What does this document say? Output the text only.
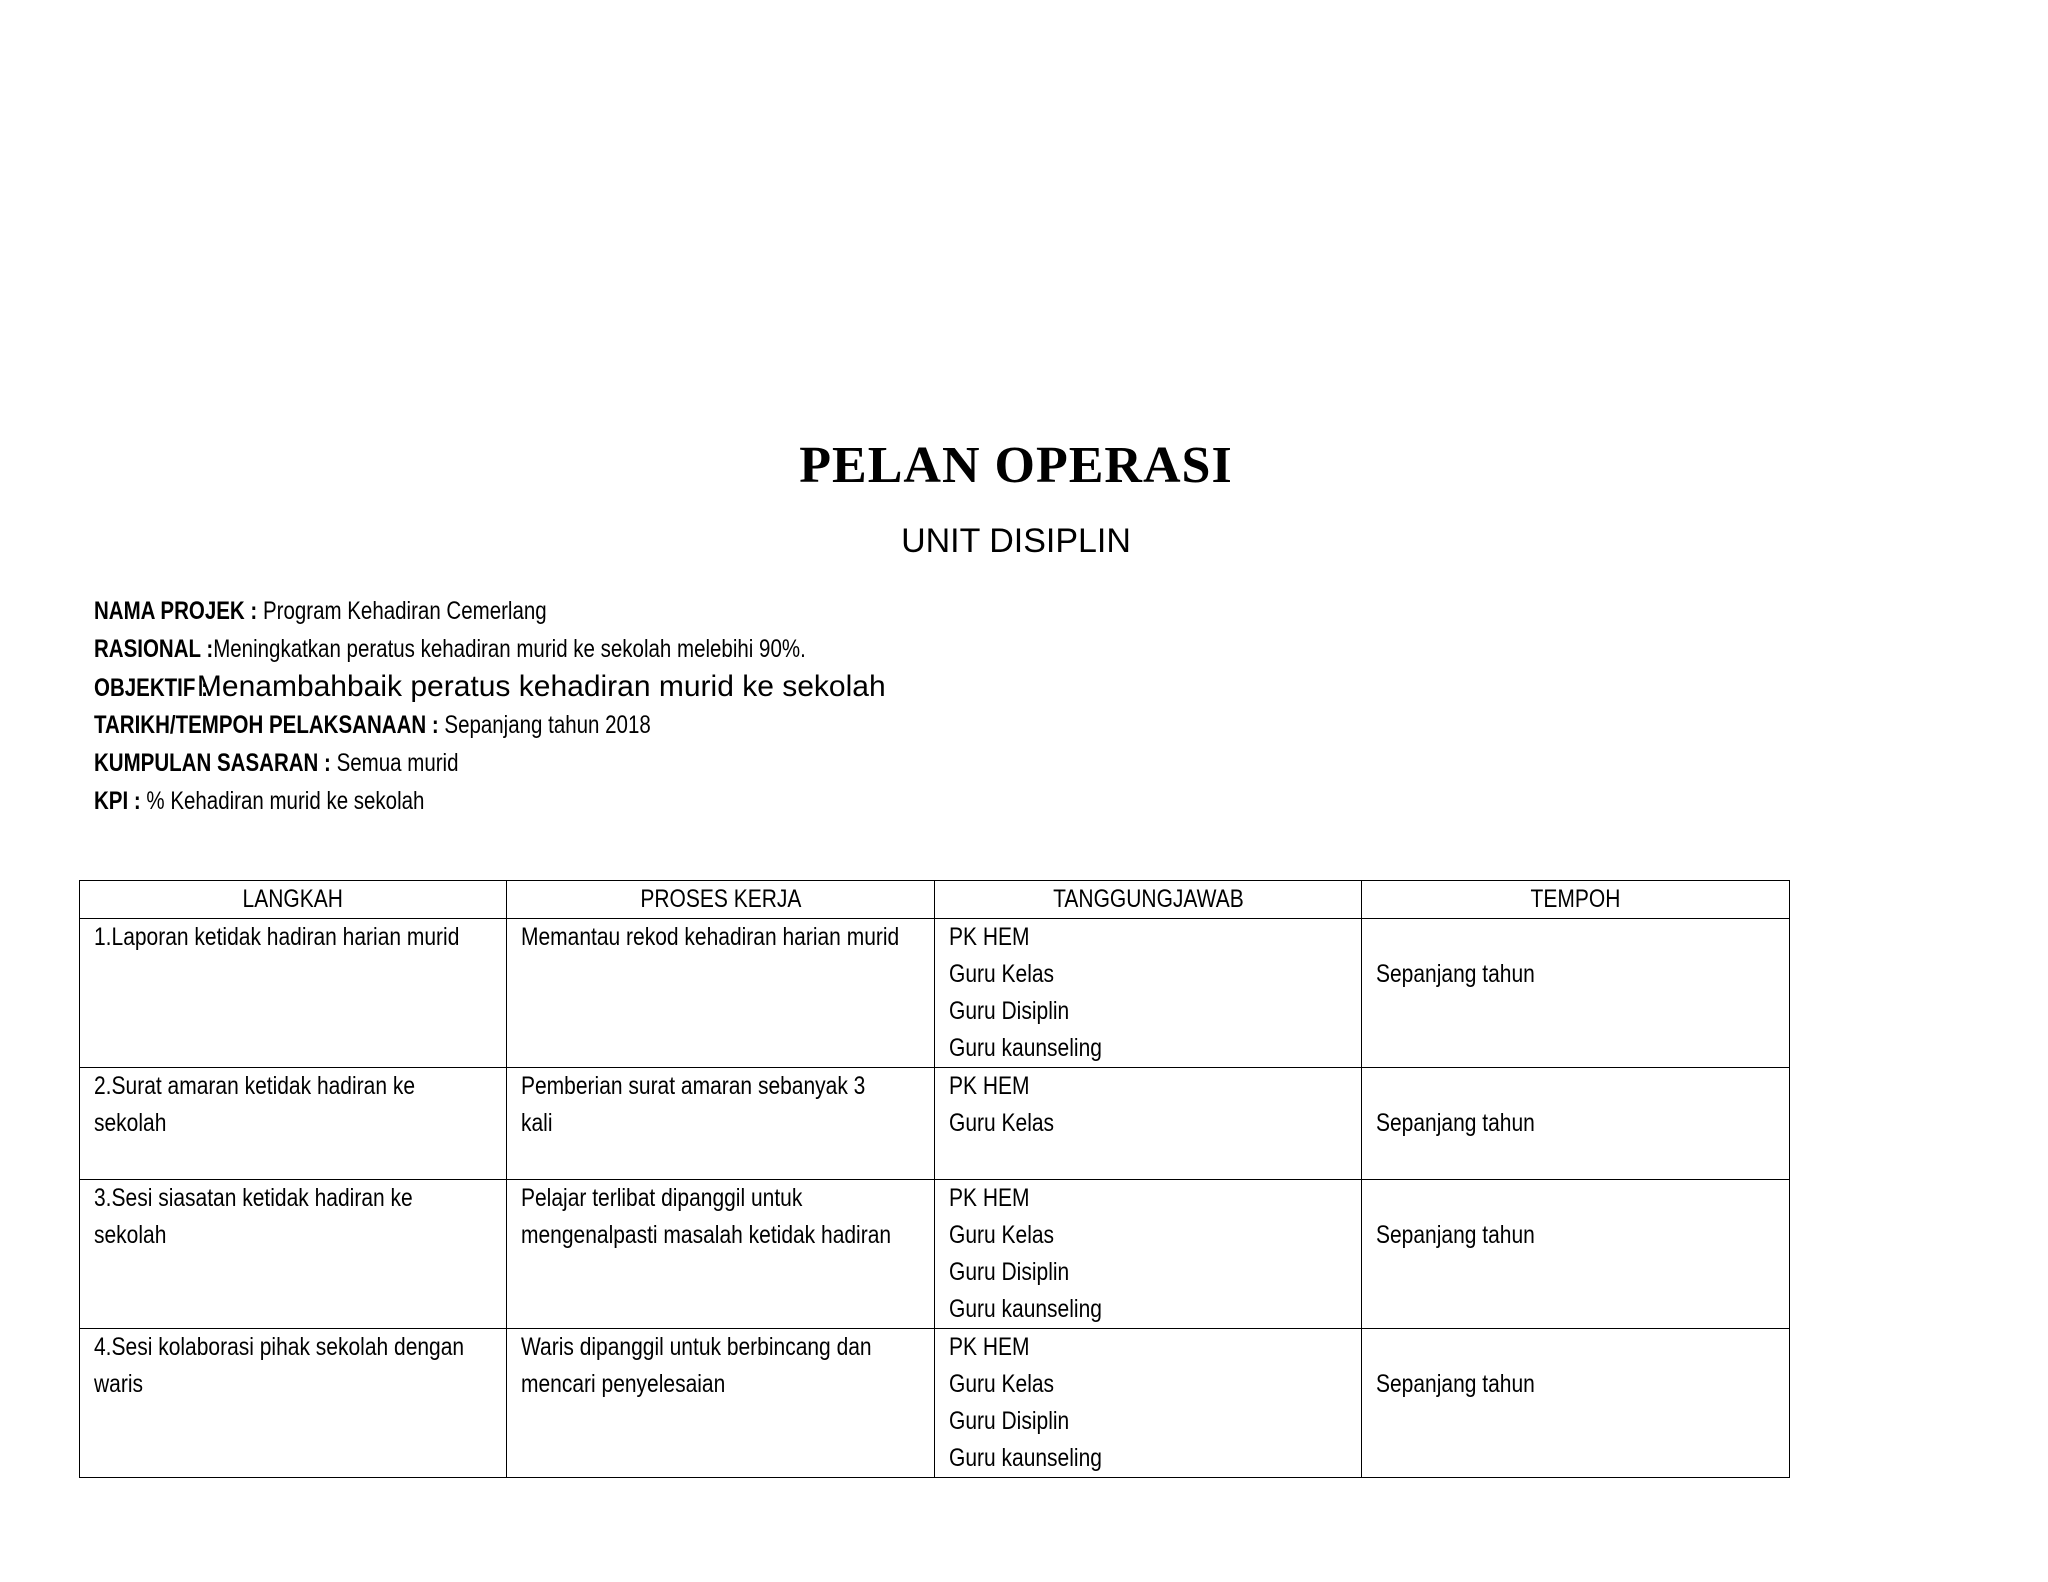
PELAN OPERASI
UNIT DISIPLIN
NAMA PROJEK : Program Kehadiran Cemerlang
RASIONAL :Meningkatkan peratus kehadiran murid ke sekolah melebihi 90%.
OBJEKTIF :Menambahbaik peratus kehadiran murid ke sekolah
TARIKH/TEMPOH PELAKSANAAN : Sepanjang tahun 2018
KUMPULAN SASARAN : Semua murid
KPI : % Kehadiran murid ke sekolah
LANGKAH	PROSES KERJA	TANGGUNGJAWAB	TEMPOH

1.Laporan ketidak hadiran harian murid	Memantau rekod kehadiran harian murid	PK HEM
Guru Kelas
Guru Disiplin
Guru kaunseling	Sepanjang tahun

2.Surat amaran ketidak hadiran ke
sekolah	Pemberian surat amaran sebanyak 3
kali	PK HEM
Guru Kelas	Sepanjang tahun

3.Sesi siasatan ketidak hadiran ke
sekolah	Pelajar terlibat dipanggil untuk
mengenalpasti masalah ketidak hadiran	PK HEM
Guru Kelas
Guru Disiplin
Guru kaunseling	Sepanjang tahun

4.Sesi kolaborasi pihak sekolah dengan
waris	Waris dipanggil untuk berbincang dan
mencari penyelesaian	PK HEM
Guru Kelas
Guru Disiplin
Guru kaunseling	Sepanjang tahun
